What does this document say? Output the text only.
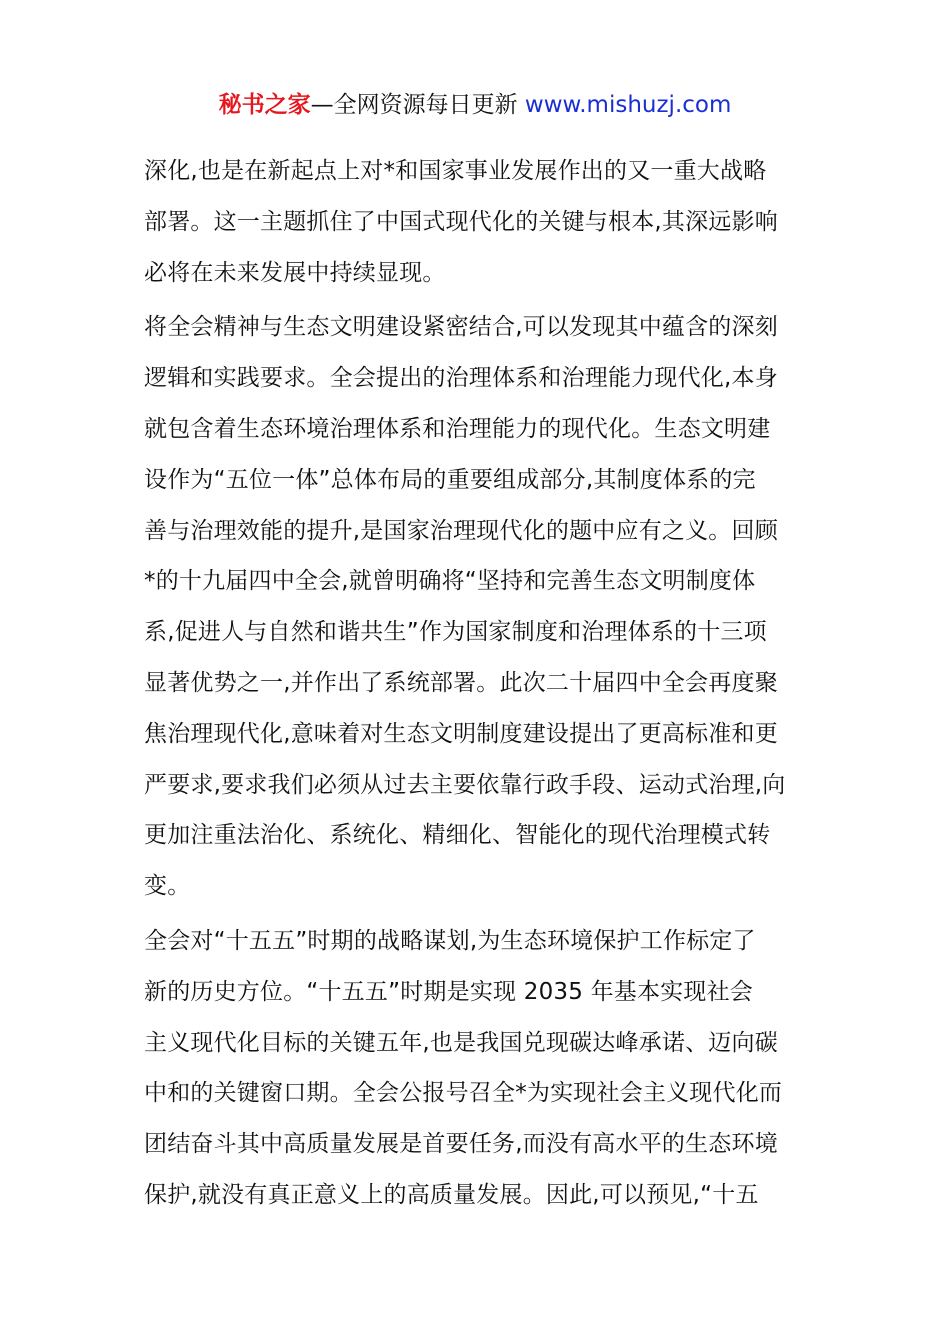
秘书之家—全网资源每日更新 www.mishuzj.com
深化,也是在新起点上对*和国家事业发展作出的又一重大战略
部署。这一主题抓住了中国式现代化的关键与根本,其深远影响
必将在未来发展中持续显现。
将全会精神与生态文明建设紧密结合,可以发现其中蕴含的深刻
逻辑和实践要求。全会提出的治理体系和治理能力现代化,本身
就包含着生态环境治理体系和治理能力的现代化。生态文明建
设作为“五位一体”总体布局的重要组成部分,其制度体系的完
善与治理效能的提升,是国家治理现代化的题中应有之义。回顾
*的十九届四中全会,就曾明确将“坚持和完善生态文明制度体
系,促进人与自然和谐共生”作为国家制度和治理体系的十三项
显著优势之一,并作出了系统部署。此次二十届四中全会再度聚
焦治理现代化,意味着对生态文明制度建设提出了更高标准和更
严要求,要求我们必须从过去主要依靠行政手段、运动式治理,向
更加注重法治化、系统化、精细化、智能化的现代治理模式转
变。
全会对“十五五”时期的战略谋划,为生态环境保护工作标定了
新的历史方位。“十五五”时期是实现 2035 年基本实现社会
主义现代化目标的关键五年,也是我国兑现碳达峰承诺、迈向碳
中和的关键窗口期。全会公报号召全*为实现社会主义现代化而
团结奋斗其中高质量发展是首要任务,而没有高水平的生态环境
保护,就没有真正意义上的高质量发展。因此,可以预见,“十五
